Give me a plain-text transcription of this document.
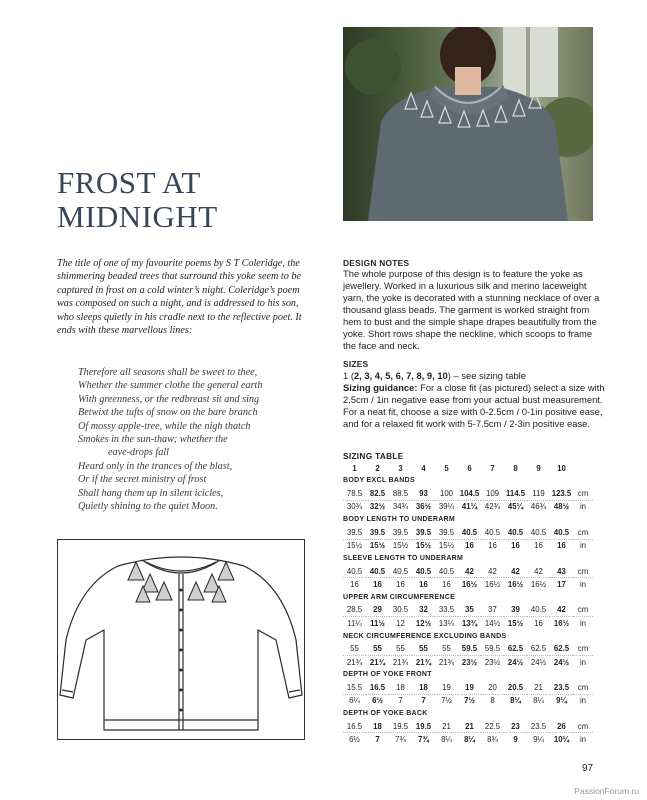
FROST AT MIDNIGHT

The title of one of my favourite poems by S T Coleridge, the shimmering beaded trees that surround this yoke seem to be captured in frost on a cold winter’s night. Coleridge’s poem was composed on such a night, and is addressed to his son, who sleeps quietly in his cradle next to the reflective poet. It ends with these marvellous lines:

Therefore all seasons shall be sweet to thee,
Whether the summer clothe the general earth
With greenness, or the redbreast sit and sing
Betwixt the tufts of snow on the bare branch
Of mossy apple-tree, while the nigh thatch
Smokes in the sun-thaw; whether the
eave-drops fall
Heard only in the trances of the blast,
Or if the secret ministry of frost
Shall hang them up in silent icicles,
Quietly shining to the quiet Moon.

DESIGN NOTES

The whole purpose of this design is to feature the yoke as jewellery. Worked in a luxurious silk and merino laceweight yarn, the yoke is decorated with a stunning necklace of over a thousand glass beads. The garment is worked straight from hem to bust and the simple shape drapes beautifully from the yoke. Short rows shape the neckline, which scoops to frame the face and neck.

SIZES

1 (2, 3, 4, 5, 6, 7, 8, 9, 10) – see sizing table
Sizing guidance: For a close fit (as pictured) select a size with 2.5cm / 1in negative ease from your actual bust measurement. For a neat fit, choose a size with 0-2.5cm / 0-1in positive ease, and for a relaxed fit work with 5-7.5cm / 2-3in positive ease.

SIZING TABLE

1	2	3	4	5	6	7	8	9	10	
BODY EXCL BANDS										
78.5	82.5	88.5	93	100	104.5	109	114.5	119	123.5	cm
30¾	32½	34¾	36½	39¼	41¼	42¾	45¼	46¾	48½	in
BODY LENGTH TO UNDERARM										
39.5	39.5	39.5	39.5	39.5	40.5	40.5	40.5	40.5	40.5	cm
15½	15½	15½	15½	15½	16	16	16	16	16	in
SLEEVE LENGTH TO UNDERARM										
40.5	40.5	40.5	40.5	40.5	42	42	42	42	43	cm
16	16	16	16	16	16½	16½	16½	16½	17	in
UPPER ARM CIRCUMFERENCE										
28.5	29	30.5	32	33.5	35	37	39	40.5	42	cm
11¼	11½	12	12½	13¼	13¾	14½	15½	16	16½	in
NECK CIRCUMFERENCE EXCLUDING BANDS										
55	55	55	55	55	59.5	59.5	62.5	62.5	62.5	cm
21¾	21¾	21¾	21¾	21¾	23½	23½	24½	24½	24½	in
DEPTH OF YOKE FRONT										
15.5	16.5	18	18	19	19	20	20.5	21	23.5	cm
6¼	6½	7	7	7½	7½	8	8¼	8¼	9¼	in
DEPTH OF YOKE BACK										
16.5	18	19.5	19.5	21	21	22.5	23	23.5	26	cm
6½	7	7¾	7¾	8¼	8¼	8¾	9	9¼	10¼	in
97
PassionForum.ru
